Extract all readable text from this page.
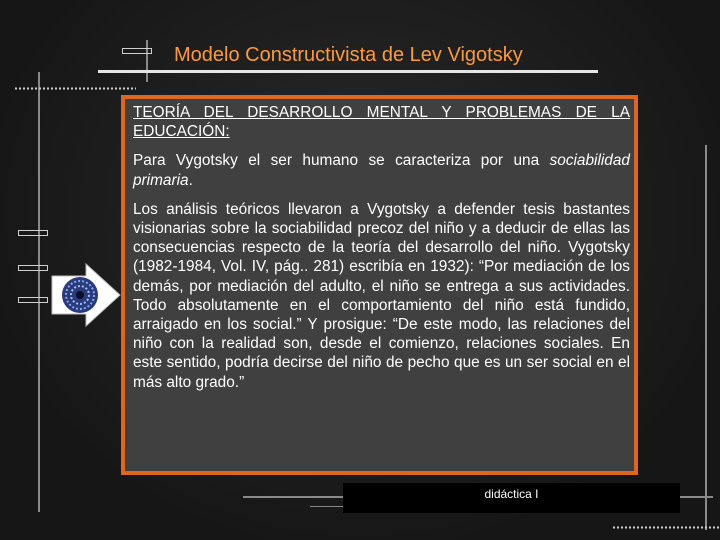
Modelo Constructivista de Lev Vigotsky
TEORÍA DEL DESARROLLO MENTAL Y PROBLEMAS DE LA EDUCACIÓN:
Para Vygotsky el ser humano se caracteriza por una sociabilidad primaria.
Los análisis teóricos llevaron a Vygotsky a defender tesis bastantes visionarias sobre la sociabilidad precoz del niño y a deducir de ellas las consecuencias respecto de la teoría del desarrollo del niño. Vygotsky (1982-1984, Vol. IV, pág.. 281) escribía en 1932): “Por mediación de los demás, por mediación del adulto, el niño se entrega a sus actividades. Todo absolutamente en el comportamiento del niño está fundido, arraigado en los social.” Y prosigue: “De este modo, las relaciones del niño con la realidad son, desde el comienzo, relaciones sociales. En este sentido, podría decirse del niño de pecho que es un ser social en el más alto grado.”
didáctica I
